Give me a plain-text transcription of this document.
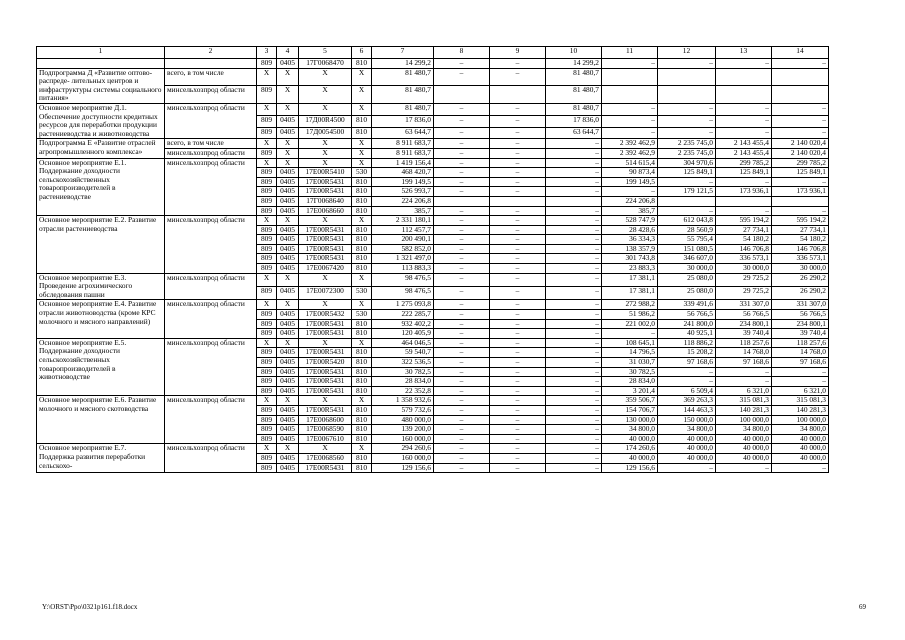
1	2	3	4	5	6	7	8	9	10	11	12	13	14
		809	0405	17Г0068470	810	14 299,2	–	–	14 299,2	–	–	–	–
Подпрограмма Д «Развитие оптово- распреде- лительных центров и инфраструктуры системы социального питания»	всего, в том числе	X	X	X	X	81 480,7	–	–	81 480,7				
	минсельхозпрод области	809	X	X	X	81 480,7			81 480,7				
Основное мероприятие Д.1. Обеспечение доступности кредитных ресурсов для переработки продукции растениеводства и животноводства	минсельхозпрод области	X	X	X	X	81 480,7	–	–	81 480,7	–	–	–	–
		809	0405	17Д00R4500	810	17 836,0	–	–	17 836,0	–	–	–	–
		809	0405	17Д0054500	810	63 644,7	–	–	63 644,7	–	–	–	–
Подпрограмма Е «Развитие отраслей агропромышленного комплекса»	всего, в том числе	X	X	X	X	8 911 683,7	–	–	–	2 392 462,9	2 235 745,0	2 143 455,4	2 140 020,4
	минсельхозпрод области	809	X	X	X	8 911 683,7	–	–	–	2 392 462,9	2 235 745,0	2 143 455,4	2 140 020,4
Основное мероприятие Е.1. Поддержание доходности сельскохозяйственных товаропроизводителей в растениеводстве	минсельхозпрод области	X	X	X	X	1 419 156,4	–	–	–	514 615,4	304 970,6	299 785,2	299 785,2
		809	0405	17Е00R5410	530	468 420,7	–	–	–	90 873,4	125 849,1	125 849,1	125 849,1
		809	0405	17Е00R5431	810	199 149,5	–	–	–	199 149,5	–	–	–
		809	0405	17Е00R5431	810	526 993,7	–	–	–	–	179 121,5	173 936,1	173 936,1
		809	0405	17Г0068640	810	224 206,8				224 206,8			
		809	0405	17Е0068660	810	385,7	–	–	–	385,7	–	–	–
Основное мероприятие Е.2. Развитие отрасли растениеводства	минсельхозпрод области	X	X	X	X	2 331 180,1	–	–	–	528 747,9	612 043,8	595 194,2	595 194,2
		809	0405	17Е00R5431	810	112 457,7	–	–	–	28 428,6	28 560,9	27 734,1	27 734,1
		809	0405	17Е00R5431	810	200 490,1	–	–	–	36 334,3	55 795,4	54 180,2	54 180,2
		809	0405	17Е00R5431	810	582 852,0	–	–	–	138 357,9	151 080,5	146 706,8	146 706,8
		809	0405	17Е00R5431	810	1 321 497,0	–	–	–	301 743,8	346 607,0	336 573,1	336 573,1
		809	0405	17Е0067420	810	113 883,3	–	–	–	23 883,3	30 000,0	30 000,0	30 000,0
Основное мероприятие Е.3. Проведение агрохимического обследования пашни	минсельхозпрод области	X	X	X	X	98 476,5	–	–	–	17 381,1	25 080,0	29 725,2	26 290,2
		809	0405	17Е0072300	530	98 476,5	–	–	–	17 381,1	25 080,0	29 725,2	26 290,2
Основное мероприятие Е.4. Развитие отрасли животноводства (кроме КРС молочного и мясного направлений)	минсельхозпрод области	X	X	X	X	1 275 093,8	–	–	–	272 988,2	339 491,6	331 307,0	331 307,0
		809	0405	17Е00R5432	530	222 285,7	–	–	–	51 986,2	56 766,5	56 766,5	56 766,5
		809	0405	17Е00R5431	810	932 402,2	–	–	–	221 002,0	241 800,0	234 800,1	234 800,1
		809	0405	17Е00R5431	810	120 405,9	–	–	–	–	40 925,1	39 740,4	39 740,4
Основное мероприятие Е.5. Поддержание доходности сельскохозяйственных товаропроизводителей в животноводстве	минсельхозпрод области	X	X	X	X	464 046,5	–	–	–	108 645,1	118 886,2	118 257,6	118 257,6
		809	0405	17Е00R5431	810	59 540,7	–	–	–	14 796,5	15 208,2	14 768,0	14 768,0
		809	0405	17Е00R5420	810	322 536,5	–	–	–	31 030,7	97 168,6	97 168,6	97 168,6
		809	0405	17Е00R5431	810	30 782,5	–	–	–	30 782,5	–	–	–
		809	0405	17Е00R5431	810	28 834,0	–	–	–	28 834,0	–	–	–
		809	0405	17Е00R5431	810	22 352,8	–	–	–	3 201,4	6 509,4	6 321,0	6 321,0
Основное мероприятие Е.6. Развитие молочного и мясного скотоводства	минсельхозпрод области	X	X	X	X	1 358 932,6	–	–	–	359 506,7	369 263,3	315 081,3	315 081,3
		809	0405	17Е00R5431	810	579 732,6	–	–	–	154 706,7	144 463,3	140 281,3	140 281,3
		809	0405	17Е0068600	810	480 000,0	–	–	–	130 000,0	150 000,0	100 000,0	100 000,0
		809	0405	17Е0068590	810	139 200,0	–	–	–	34 800,0	34 800,0	34 800,0	34 800,0
		809	0405	17Е0067610	810	160 000,0	–	–	–	40 000,0	40 000,0	40 000,0	40 000,0
Основное мероприятие Е.7. Поддержка развития переработки сельскохо-	минсельхозпрод области	X	X	X	X	294 260,6	–	–	–	174 260,6	40 000,0	40 000,0	40 000,0
		809	0405	17Е0068560	810	160 000,0	–	–	–	40 000,0	40 000,0	40 000,0	40 000,0
		809	0405	17Е00R5431	810	129 156,6	–	–	–	129 156,6	–	–	–
Y:\ORST\Ppo\0321p161.f18.docx	69
